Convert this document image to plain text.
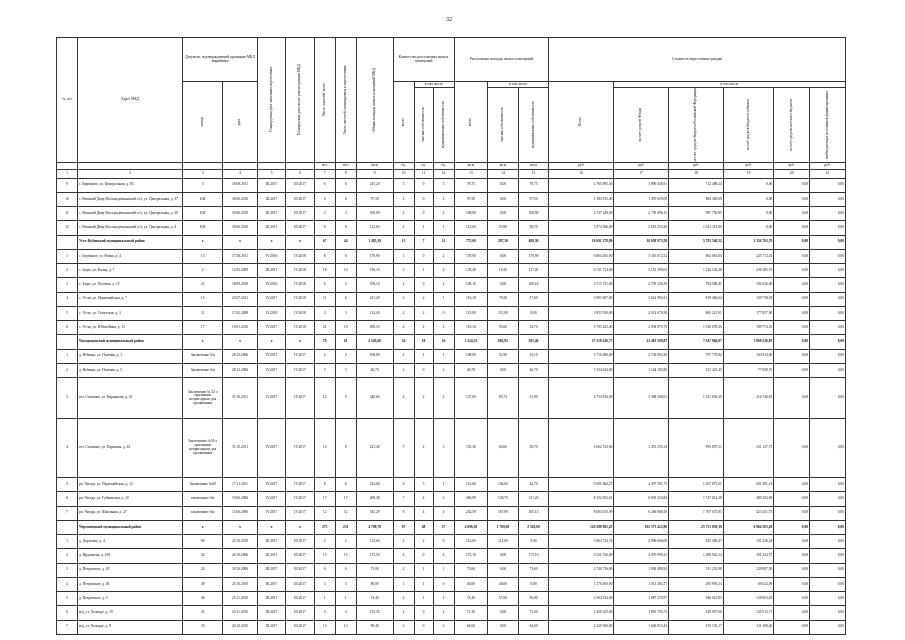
32
№ п/п	Адрес МКД	Документ, подтверждающий признание МКД аварийным		Планируемая дата окончания переселения	Планируемая дата сноса/ реконструкции МКД	Число жителей, всего	Число жителей, планируемых к переселению	Общая площадь жилых помещений МКД	Количество расселяемых жилых помещений			Расселяемая площадь жилых помещений			Стоимость переселения граждан					

		номер	дата						всего	в том числе:		всего	в том числе:		Всего	в том числе:				

										частная собственность	муниципальная собственность		частная собственность	муниципальная собственность		за счет средств Фонда	за счет средств бюджета Российской Федерации	за счет средств бюджета субъекта	за счет средств местного бюджета	внебюджетных источников финансирования

						чел.	чел.	кв.м	ед.	ед.	ед.	кв.м	кв.м	кв.м	руб.	руб.	руб.	руб.	руб.	руб.
1	2	3	4	5	6	7	8	9	10	11	12	13	14	15	16	17	18	19	20	21
9	с. Бирюково, ул. Центральная, д. 83	3	18.08.2011	III.2017	III.2017	6	6	215,20	3	0	3	78,75	0,00	78,75	2 765 905,50	1 890 436,91	712 488,24	0,00	0,00	0,00
10	с. Великий Двор (Косьмодемьянский с/с), ул. Центральная, д. 37	Б/Н	30.06.2010	III.2017	III.2017	6	6	97,50	2	0	2	97,50	0,00	97,50	1 184 915,00	1 470 629,08	884 349,00	0,00	0,00	0,00
11	с. Великий Двор (Косьмодемьянский с/с), ул. Центральная, д. 39	Б/Н	30.06.2010	III.2017	III.2017	3	3	108,90	2	0	2	108,90	0,00	108,90	3 747 249,00	2 759 496,15	987 750,85	0,00	0,00	0,00
12	с. Великий Двор (Косьмодемьянский с/с), ул. Центральная, д. 4	Б/Н	30.06.2010	III.2017	III.2017	6	6	112,60	2	1	1	112,60	53,90	58,70	3 874 566,00	2 853 253,20	1 021 312,80	0,00	0,00	0,00
	Усть-Кубинский муниципальный район	х	х	х	х	67	44	1 485,10	15	7	11	775,60	287,30	488,30	16 691 278,00	10 658 973,58	5 781 540,52	1 334 763,70	0,00	0,00
1	с. Бережное, ул. Новая, д. 4	13	17.06.2011	IV.2016	IV.2018	8	8	170,90	1	0	2	170,90	0,00	170,90	6 804 265,00	3 316 672,52	962 063,05	225 713,43	0,00	0,00
2	с. Задье, ул. Кольц, д. 7	2	12.03.2009	III.2017	IV.2018	18	14	136,10	5	1	4	135,40	18,20	117,20	6 721 714,00	5 151 390,02	1 226 142,28	236 185,70	0,00	0,00
3	с. Задье, ул. Полевая, д. 15	21	18.09.2018	IV.2016	IV.2018	6	5	108,10	2	0	2	108,10	0,00	108,10	3 715 721,00	2 739 126,59	784 568,41	192 026,00	0,00	0,00
4	с. Устье, ул. Первомайская, д. 7	16	25.07.2011	IV.2017	IV.2018	11	6	241,20	3	2	1	116,10	78,50	37,60	3 993 007,00	3 641 994,31	818 266,64	159 758,03	0,00	0,00
5	с. Устье, ул. Советская, д. 3	11	17.02.2008	IV.2018	IV.2018	3	3	112,40	2	2	0	115,00	115,00	0,00	3 953 550,00	2 914 070,50	865 221,91	177 857,90	0,00	0,00
6	с. Устье, ул. Юбилейная, д. 15	17	19.01.2010	IV.2017	IV.2018	21	10	290,10	4	2	2	110,10	55,60	54,70	3 793 423,00	2 094 975,79	1 016 678,36	189 774,35	0,00	0,00
	Чагодощенский муниципальный район	х	х	х	х	79	61	2 543,60	34	18	16	1 224,31	682,95	581,46	27 218 416,77	23 401 509,87	7 347 966,87	1 060 526,83	0,00	0,00
1	д. Избищи, ул. Полевая, д. 1	Заключение б/н	28.12.2006	IV.2017	IV.2017	2	2	108,00	2	1	1	108,00	52,90	55,10	3 716 280,00	2 736 692,30	797 778,82	163 814,00	0,00	0,00
2	д. Избищи, ул. Полевая, д. 5	Заключение б/н	28.12.2006	IV.2017	IV.2017	5	5	46,70	2	0	2	46,70	0,00	46,70	1 334 614,00	1 144 185,80	331 423,45	77 008,70	0,00	0,00
3	пгт. Сазоново, ул. Кирьянова, д. 41	Заключение № 52 о признании непригодным для проживания	31.10.2011	IV.2017	IV.2017	12	9	340,64	4	2	2	137,60	85,72	51,90	4 734 816,00	3 388 308,61	1 141 836,39	216 740,81	0,00	0,00
4	пгт. Сазоново, ул. Парковая, д. 43	Заключение №54 о признании непригодным для проживания	31.10.2011	IV.2017	IV.2017	14	8	221,40	5	2	3	135,30	84,60	50,70	4 662 513,00	3 453 335,34	993 897,51	231 127,75	0,00	0,00
5	рп. Чагода, ул. Первомайская, д. 12	Заключение №60	17.11.2011	IV.2017	IV.2017	8	8	222,60	6	5	1	121,60	104,60	42,70	5 651 662,27	4 397 591,75	1 267 875,01	291 581,14	0,00	0,00
6	рп. Чагода, ул. Губкинская, д. 20	заключение б/н	19.06.2006	IV.2017	IV.2017	17	17	269,38	7	4	3	260,98	129,75	131,23	8 152 053,61	6 035 316,84	1 747 614,28	489 102,69	0,00	0,00
7	рп. Чагода, ул. Школьная, д. 27	заключение б/н	15.06.2006	IV.2017	IV.2017	12	12	345,29	8	4	4	232,59	167,89	165,13	8 604 015,99	6 266 080,50	1 767 675,81	423 451,75	0,00	0,00
	Череповецкий муниципальный район	х	х	х	х	275	231	4 708,70	97	48	57	4 096,30	1 769,60	2 326,60	129 288 965,47	102 573 422,86	25 751 039,30	6 964 503,28	0,00	0,00
1	д. Дорогино, д. 4	90	25.10.2010	III.2017	III.2017	2	2	112,60	2	2	0	112,60	112,60	0,00	3 864 724,74	2 996 606,00	625 400,47	191 236,24	0,00	0,00
2	д. Ирдоматка, д. 158	32	26.10.2006	III.2017	III.2017	15	15	175,50	4	0	4	175,10	0,00	175,10	6 521 536,00	4 476 999,21	1 280 942,24	391 324,57	0,00	0,00
3	д. Петровское, д. 45	24	18.10.2006	III.2017	III.2017	6	6	75,00	2	1	1	73,60	0,00	73,60	2 740 736,00	1 992 480,92	531 231,08	129 087,50	0,00	0,00
4	д. Петровское, д. 48	49	25.10.2010	III.2017	III.2017	3	3	80,00	1	1	0	40,00	40,00	0,00	1 378 400,00	1 013 383,77	295 993,13	69 023,09	0,00	0,00
5	д. Петровское, д. 3	46	25.11.2010	III.2017	III.2017	1	1	74,40	2	1	1	74,40	57,60	56,80	2 564 934,00	1 887 270,97	546 021,83	128 063,20	0,00	0,00
6	м/д_ст. Холонде, д. 19	41	20.11.2010	III.2017	III.2017	3	3	153,35	2	0	2	71,30	0,00	71,30	2 456 355,00	1 801 793,72	529 907,66	125 013,71	0,00	0,00
7	м/д_ст. Холонде, д. 8	35	20.10.2010	III.2017	III.2017	13	13	99,49	3	0	3	64,60	0,00	64,60	2 229 360,00	1 640 015,42	476 155,17	111 490,40	0,00	0,00
